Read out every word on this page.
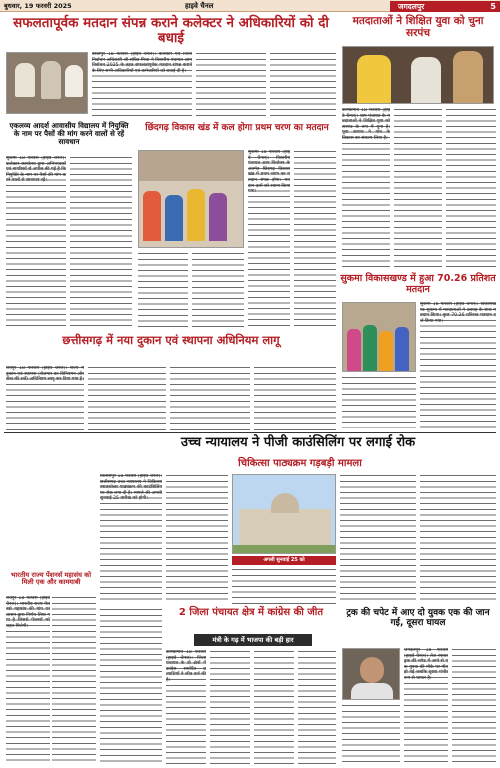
बुधवार, 19 फरवरी 2025	हाइवे चैनल	जगदलपुर	5
सफलतापूर्वक मतदान संपन्न कराने कलेक्टर ने अधिकारियों को दी बधाई

बीजापुर 18 फरवरी (हाइवे चैनल)। कलेक्टर एवं जिला निर्वाचन अधिकारी श्री संबित मिश्रा ने त्रिस्तरीय पंचायत आम निर्वाचन 2025 के तहत सफलतापूर्वक मतदान संपन्न कराने के लिए सभी अधिकारियों एवं कर्मचारियों को बधाई दी है।

मतदाताओं ने शिक्षित युवा को चुना सरपंच

कोण्डागांव 18 फरवरी (हाइवे चैनल)। ग्राम पंचायत के मतदाताओं ने शिक्षित युवा को सरपंच के रूप में चुना है। युवा सरपंच ने गांव के विकास का संकल्प लिया है।

एकलव्य आदर्श आवासीय विद्यालय में नियुक्ति के नाम पर पैसों की मांग करने वालों से रहें सावधान

सुकमा 18 फरवरी (हाइवे चैनल)। कलेक्टर कार्यालय द्वारा अभिभावकों एवं नागरिकों से अपील की गई है कि नियुक्ति के नाम पर पैसों की मांग करने वालों से सावधान रहें।

छिंदगढ़ विकास खंड में कल होगा प्रथम चरण का मतदान

सुकमा 18 फरवरी (हाइवे चैनल)। त्रिस्तरीय पंचायत आम निर्वाचन के अंतर्गत छिंदगढ़ विकासखंड में प्रथम चरण का मतदान संपन्न होगा। मतदान दलों को रवाना किया गया।

सुकमा विकासखण्ड में हुआ 70.26 प्रतिशत मतदान

सुकमा 18 फरवरी (हाइवे चैनल)। विकासखण्ड सुकमा में मतदाताओं ने उत्साह के साथ मतदान किया। कुल 70.26 प्रतिशत मतदान दर्ज किया गया।

छत्तीसगढ़ में नया दुकान एवं स्थापना अधिनियम लागू

रायपुर 18 फरवरी (हाइवे चैनल)। राज्य में दुकान एवं स्थापना (रोजगार का विनियमन और सेवा की शर्तें) अधिनियम लागू कर दिया गया है।

उच्च न्यायालय ने पीजी काउंसिलिंग पर लगाई रोक
चिकित्सा पाठ्यक्रम गड़बड़ी मामला

बिलासपुर 18 फरवरी (हाइवे चैनल)। छत्तीसगढ़ उच्च न्यायालय ने चिकित्सा स्नातकोत्तर पाठ्यक्रम की काउंसिलिंग पर रोक लगा दी है। मामले की अगली सुनवाई 25 तारीख को होगी।

अगली सुनवाई 25 को
भारतीय राज्य पेंशनर्स महासंघ को मिली एक और कामयाबी

रायपुर 18 फरवरी (हाइवे चैनल)। भारतीय राज्य पेंशनर्स महासंघ की मांग पर शासन द्वारा निर्णय लिया गया है जिससे पेंशनरों को राहत मिलेगी।

2 जिला पंचायत क्षेत्र में कांग्रेस की जीत
मंत्री के गढ़ में भाजपा की बड़ी हार

कोण्डागांव 18 फरवरी (हाइवे चैनल)। जिला पंचायत के दो क्षेत्रों में कांग्रेस समर्थित प्रत्याशियों ने जीत दर्ज की है।

ट्रक की चपेट में आए दो युवक एक की जान गई, दूसरा घायल

जगदलपुर 18 फरवरी (हाइवे चैनल)। तेज रफ्तार ट्रक की चपेट में आने से एक युवक की मौके पर मौत हो गई जबकि दूसरा गंभीर रूप से घायल है।
